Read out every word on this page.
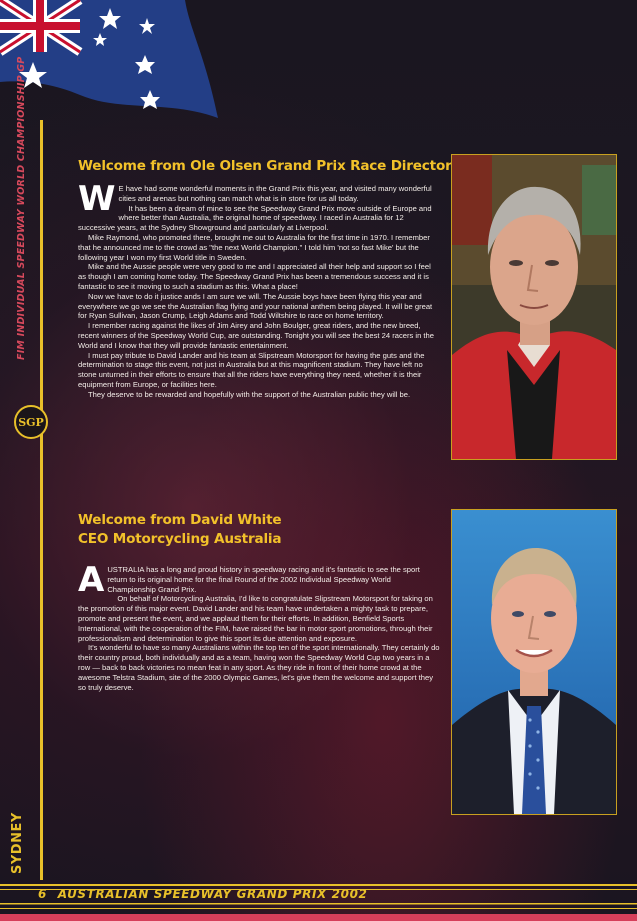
FIM INDIVIDUAL SPEEDWAY WORLD CHAMPIONSHIP GP
SGP
SYDNEY
Welcome from Ole Olsen Grand Prix Race Director
W E have had some wonderful moments in the Grand Prix this year, and visited many wonderful cities and arenas but nothing can match what is in store for us all today.

It has been a dream of mine to see the Speedway Grand Prix move outside of Europe and where better than Australia, the original home of speedway. I raced in Australia for 12 successive years, at the Sydney Showground and particularly at Liverpool.

Mike Raymond, who promoted there, brought me out to Australia for the first time in 1970. I remember that he announced me to the crowd as "the next World Champion." I told him 'not so fast Mike' but the following year I won my first World title in Sweden.

Mike and the Aussie people were very good to me and I appreciated all their help and support so I feel as though I am coming home today. The Speedway Grand Prix has been a tremendous success and it is fantastic to see it moving to such a stadium as this. What a place!

Now we have to do it justice ands I am sure we will. The Aussie boys have been flying this year and everywhere we go we see the Australian flag flying and your national anthem being played. It will be great for Ryan Sullivan, Jason Crump, Leigh Adams and Todd Wiltshire to race on home territory.

I remember racing against the likes of Jim Airey and John Boulger, great riders, and the new breed, recent winners of the Speedway World Cup, are outstanding. Tonight you will see the best 24 racers in the World and I know that they will provide fantastic entertainment.

I must pay tribute to David Lander and his team at Slipstream Motorsport for having the guts and the determination to stage this event, not just in Australia but at this magnificent stadium. They have left no stone unturned in their efforts to ensure that all the riders have everything they need, whether it is their equipment from Europe, or facilities here.

They deserve to be rewarded and hopefully with the support of the Australian public they will be.

Welcome from David White
CEO Motorcycling Australia
A USTRALIA has a long and proud history in speedway racing and it's fantastic to see the sport return to its original home for the final Round of the 2002 Individual Speedway World Championship Grand Prix.

On behalf of Motorcycling Australia, I'd like to congratulate Slipstream Motorsport for taking on the promotion of this major event. David Lander and his team have undertaken a mighty task to prepare, promote and present the event, and we applaud them for their efforts. In addition, Benfield Sports International, with the cooperation of the FIM, have raised the bar in motor sport promotions, through their professionalism and determination to give this sport its due attention and exposure.

It's wonderful to have so many Australians within the top ten of the sport internationally. They certainly do their country proud, both individually and as a team, having won the Speedway World Cup two years in a row — back to back victories no mean feat in any sport. As they ride in front of their home crowd at the awesome Telstra Stadium, site of the 2000 Olympic Games, let's give them the welcome and support they so truly deserve.

6 AUSTRALIAN SPEEDWAY GRAND PRIX 2002
